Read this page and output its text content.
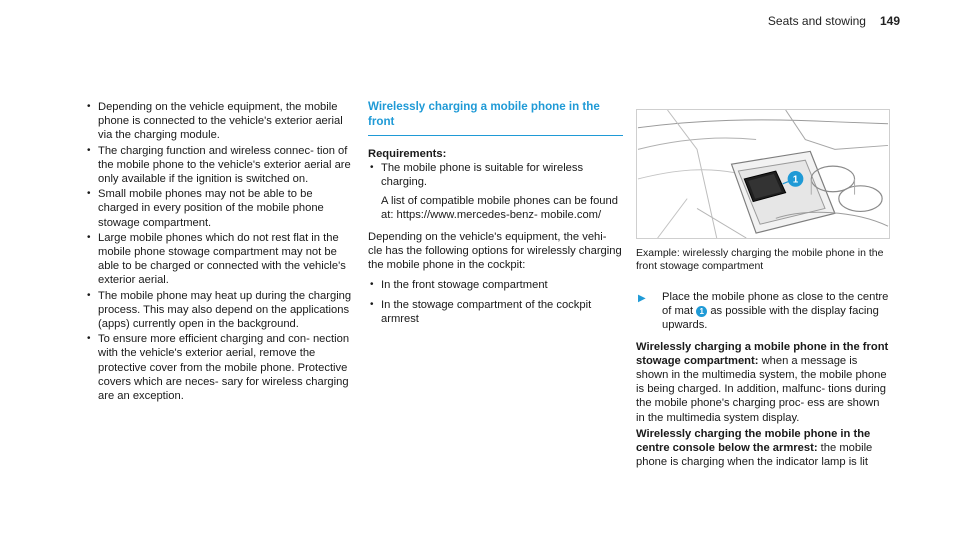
Seats and stowing 149
• Depending on the vehicle equipment, the mobile phone is connected to the vehicle's exterior aerial via the charging module.
• The charging function and wireless connec- tion of the mobile phone to the vehicle's exterior aerial are only available if the ignition is switched on.
• Small mobile phones may not be able to be charged in every position of the mobile phone stowage compartment.
• Large mobile phones which do not rest flat in the mobile phone stowage compartment may not be able to be charged or connected with the vehicle's exterior aerial.
• The mobile phone may heat up during the charging process. This may also depend on the applications (apps) currently open in the background.
• To ensure more efficient charging and con- nection with the vehicle's exterior aerial, remove the protective cover from the mobile phone. Protective covers which are neces- sary for wireless charging are an exception.
Wirelessly charging a mobile phone in the front

Requirements:

• The mobile phone is suitable for wireless charging.

A list of compatible mobile phones can be found at: https://www.mercedes-benz- mobile.com/

Depending on the vehicle's equipment, the vehi- cle has the following options for wirelessly charging the mobile phone in the cockpit:

• In the front stowage compartment
• In the stowage compartment of the cockpit armrest
1

Example: wirelessly charging the mobile phone in the front stowage compartment

▶	Place the mobile phone as close to the centre of mat 1 as possible with the display facing upwards.

Wirelessly charging a mobile phone in the front stowage compartment: when a message is shown in the multimedia system, the mobile phone is being charged. In addition, malfunc- tions during the mobile phone's charging proc- ess are shown in the multimedia system display.

Wirelessly charging the mobile phone in the centre console below the armrest: the mobile phone is charging when the indicator lamp is lit
